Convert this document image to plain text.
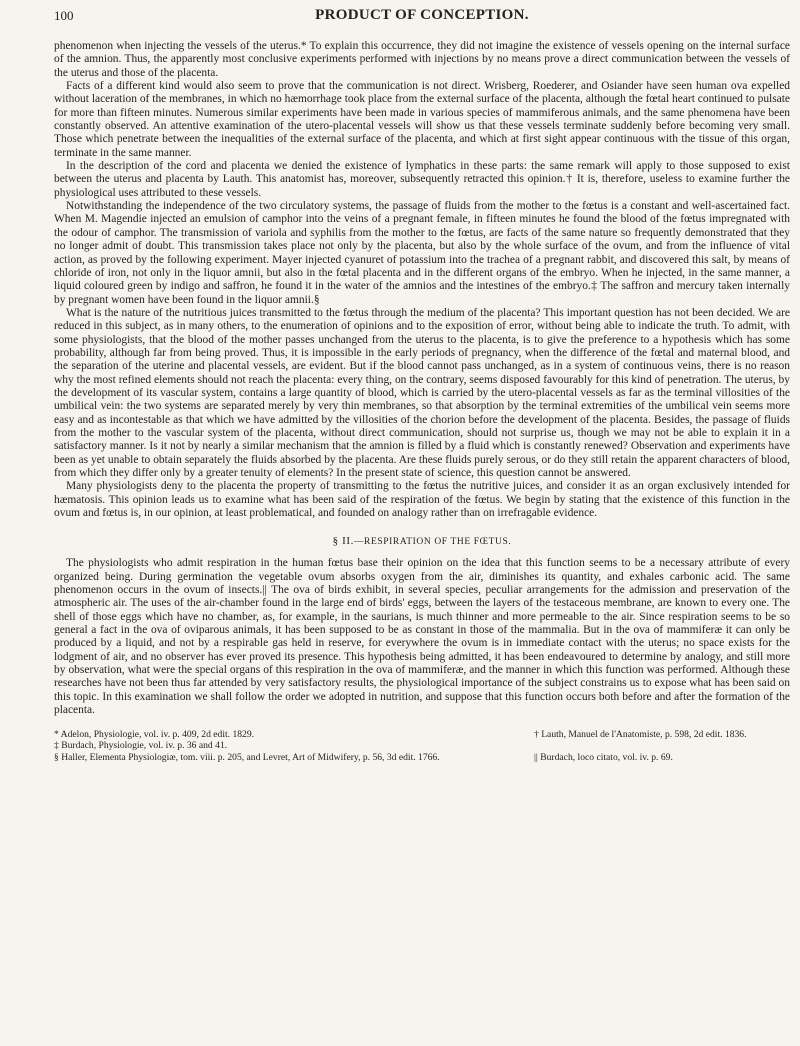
100	PRODUCT OF CONCEPTION.

phenomenon when injecting the vessels of the uterus.* To explain this occurrence, they did not imagine the existence of vessels opening on the internal surface of the amnion. Thus, the apparently most conclusive experiments performed with injections by no means prove a direct communication between the vessels of the uterus and those of the placenta.

Facts of a different kind would also seem to prove that the communication is not direct. Wrisberg, Roederer, and Osiander have seen human ova expelled without laceration of the membranes, in which no hæmorrhage took place from the external surface of the placenta, although the fœtal heart continued to pulsate for more than fifteen minutes. Numerous similar experiments have been made in various species of mammiferous animals, and the same phenomena have been constantly observed. An attentive examination of the utero-placental vessels will show us that these vessels terminate suddenly before becoming very small. Those which penetrate between the inequalities of the external surface of the placenta, and which at first sight appear continuous with the tissue of this organ, terminate in the same manner.

In the description of the cord and placenta we denied the existence of lymphatics in these parts: the same remark will apply to those supposed to exist between the uterus and placenta by Lauth. This anatomist has, moreover, subsequently retracted this opinion.† It is, therefore, useless to examine further the physiological uses attributed to these vessels.

Notwithstanding the independence of the two circulatory systems, the passage of fluids from the mother to the fœtus is a constant and well-ascertained fact. When M. Magendie injected an emulsion of camphor into the veins of a pregnant female, in fifteen minutes he found the blood of the fœtus impregnated with the odour of camphor. The transmission of variola and syphilis from the mother to the fœtus, are facts of the same nature so frequently demonstrated that they no longer admit of doubt. This transmission takes place not only by the placenta, but also by the whole surface of the ovum, and from the influence of vital action, as proved by the following experiment. Mayer injected cyanuret of potassium into the trachea of a pregnant rabbit, and discovered this salt, by means of chloride of iron, not only in the liquor amnii, but also in the fœtal placenta and in the different organs of the embryo. When he injected, in the same manner, a liquid coloured green by indigo and saffron, he found it in the water of the amnios and the intestines of the embryo.‡ The saffron and mercury taken internally by pregnant women have been found in the liquor amnii.§

What is the nature of the nutritious juices transmitted to the fœtus through the medium of the placenta? This important question has not been decided. We are reduced in this subject, as in many others, to the enumeration of opinions and to the exposition of error, without being able to indicate the truth. To admit, with some physiologists, that the blood of the mother passes unchanged from the uterus to the placenta, is to give the preference to a hypothesis which has some probability, although far from being proved. Thus, it is impossible in the early periods of pregnancy, when the difference of the fœtal and maternal blood, and the separation of the uterine and placental vessels, are evident. But if the blood cannot pass unchanged, as in a system of continuous veins, there is no reason why the most refined elements should not reach the placenta: every thing, on the contrary, seems disposed favourably for this kind of penetration. The uterus, by the development of its vascular system, contains a large quantity of blood, which is carried by the utero-placental vessels as far as the terminal villosities of the umbilical vein: the two systems are separated merely by very thin membranes, so that absorption by the terminal extremities of the umbilical vein seems more easy and as incontestable as that which we have admitted by the villosities of the chorion before the development of the placenta. Besides, the passage of fluids from the mother to the vascular system of the placenta, without direct communication, should not surprise us, though we may not be able to explain it in a satisfactory manner. Is it not by nearly a similar mechanism that the amnion is filled by a fluid which is constantly renewed? Observation and experiments have been as yet unable to obtain separately the fluids absorbed by the placenta. Are these fluids purely serous, or do they still retain the apparent characters of blood, from which they differ only by a greater tenuity of elements? In the present state of science, this question cannot be answered.

Many physiologists deny to the placenta the property of transmitting to the fœtus the nutritive juices, and consider it as an organ exclusively intended for hæmatosis. This opinion leads us to examine what has been said of the respiration of the fœtus. We begin by stating that the existence of this function in the ovum and fœtus is, in our opinion, at least problematical, and founded on analogy rather than on irrefragable evidence.

§ II.—RESPIRATION OF THE FŒTUS.

The physiologists who admit respiration in the human fœtus base their opinion on the idea that this function seems to be a necessary attribute of every organized being. During germination the vegetable ovum absorbs oxygen from the air, diminishes its quantity, and exhales carbonic acid. The same phenomenon occurs in the ovum of insects.|| The ova of birds exhibit, in several species, peculiar arrangements for the admission and preservation of the atmospheric air. The uses of the air-chamber found in the large end of birds' eggs, between the layers of the testaceous membrane, are known to every one. The shell of those eggs which have no chamber, as, for example, in the saurians, is much thinner and more permeable to the air. Since respiration seems to be so general a fact in the ova of oviparous animals, it has been supposed to be as constant in those of the mammalia. But in the ova of mammiferæ it can only be produced by a liquid, and not by a respirable gas held in reserve, for everywhere the ovum is in immediate contact with the uterus; no space exists for the lodgment of air, and no observer has ever proved its presence. This hypothesis being admitted, it has been endeavoured to determine by analogy, and still more by observation, what were the special organs of this respiration in the ova of mammiferæ, and the manner in which this function was performed. Although these researches have not been thus far attended by very satisfactory results, the physiological importance of the subject constrains us to expose what has been said on this topic. In this examination we shall follow the order we adopted in nutrition, and suppose that this function occurs both before and after the formation of the placenta.

* Adelon, Physiologie, vol. iv. p. 409, 2d edit. 1829.	† Lauth, Manuel de l'Anatomiste, p. 598, 2d edit. 1836.
‡ Burdach, Physiologie, vol. iv. p. 36 and 41.
§ Haller, Elementa Physiologiæ, tom. viii. p. 205, and Levret, Art of Midwifery, p. 56, 3d edit. 1766.	|| Burdach, loco citato, vol. iv. p. 69.
